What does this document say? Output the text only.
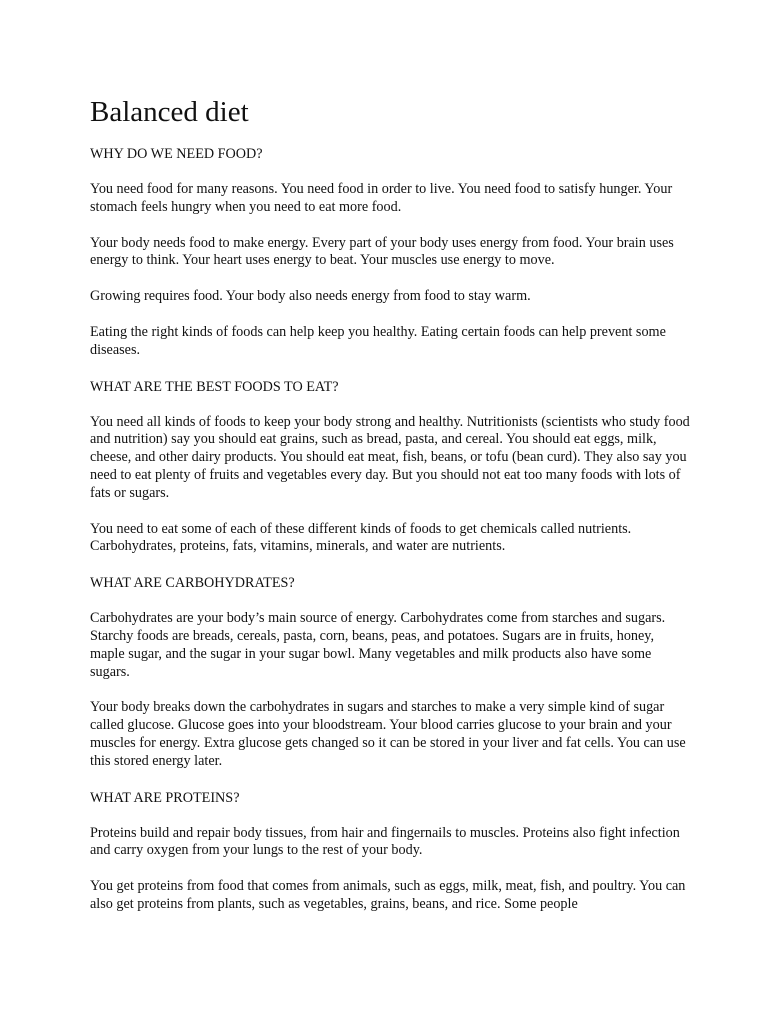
Balanced diet

WHY DO WE NEED FOOD?

You need food for many reasons. You need food in order to live. You need food to satisfy hunger. Your stomach feels hungry when you need to eat more food.

Your body needs food to make energy. Every part of your body uses energy from food. Your brain uses energy to think. Your heart uses energy to beat. Your muscles use energy to move.

Growing requires food. Your body also needs energy from food to stay warm.

Eating the right kinds of foods can help keep you healthy. Eating certain foods can help prevent some diseases.

WHAT ARE THE BEST FOODS TO EAT?

You need all kinds of foods to keep your body strong and healthy. Nutritionists (scientists who study food and nutrition) say you should eat grains, such as bread, pasta, and cereal. You should eat eggs, milk, cheese, and other dairy products. You should eat meat, fish, beans, or tofu (bean curd). They also say you need to eat plenty of fruits and vegetables every day. But you should not eat too many foods with lots of fats or sugars.

You need to eat some of each of these different kinds of foods to get chemicals called nutrients. Carbohydrates, proteins, fats, vitamins, minerals, and water are nutrients.

WHAT ARE CARBOHYDRATES?

Carbohydrates are your body’s main source of energy. Carbohydrates come from starches and sugars. Starchy foods are breads, cereals, pasta, corn, beans, peas, and potatoes. Sugars are in fruits, honey, maple sugar, and the sugar in your sugar bowl. Many vegetables and milk products also have some sugars.

Your body breaks down the carbohydrates in sugars and starches to make a very simple kind of sugar called glucose. Glucose goes into your bloodstream. Your blood carries glucose to your brain and your muscles for energy. Extra glucose gets changed so it can be stored in your liver and fat cells. You can use this stored energy later.

WHAT ARE PROTEINS?

Proteins build and repair body tissues, from hair and fingernails to muscles. Proteins also fight infection and carry oxygen from your lungs to the rest of your body.

You get proteins from food that comes from animals, such as eggs, milk, meat, fish, and poultry. You can also get proteins from plants, such as vegetables, grains, beans, and rice. Some people
